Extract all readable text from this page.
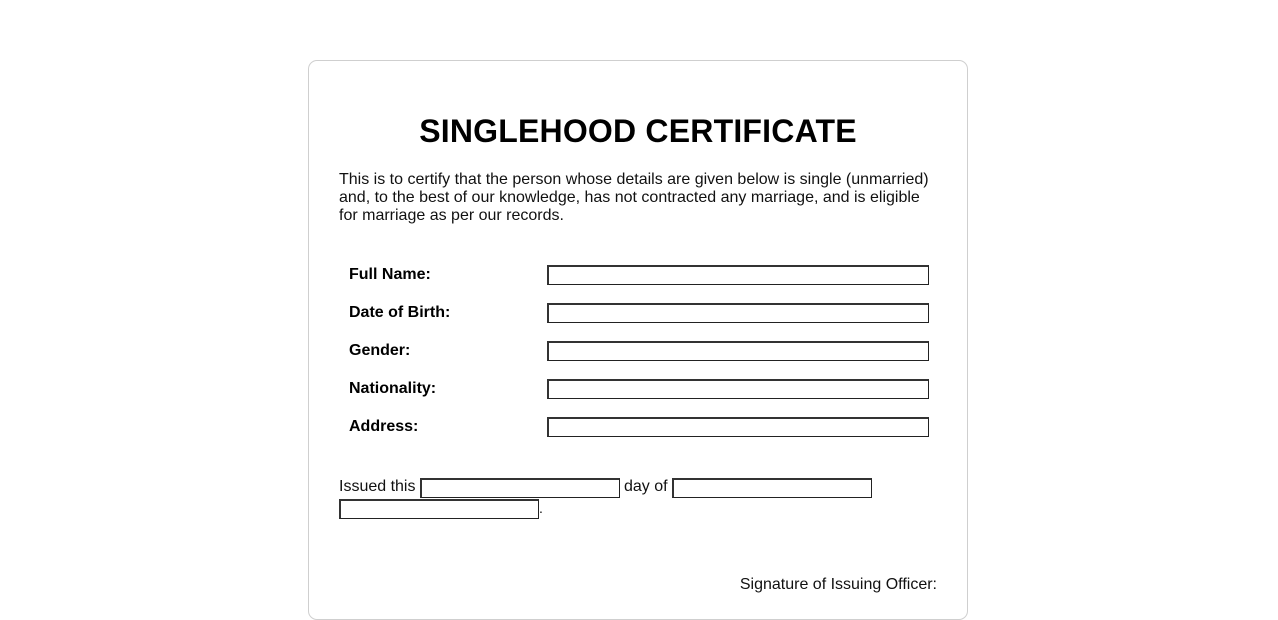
SINGLEHOOD CERTIFICATE

This is to certify that the person whose details are given below is single (unmarried) and, to the best of our knowledge, has not contracted any marriage, and is eligible for marriage as per our records.

Full Name:
Date of Birth:
Gender:
Nationality:
Address:
Issued this	day of
.
Signature of Issuing Officer:
